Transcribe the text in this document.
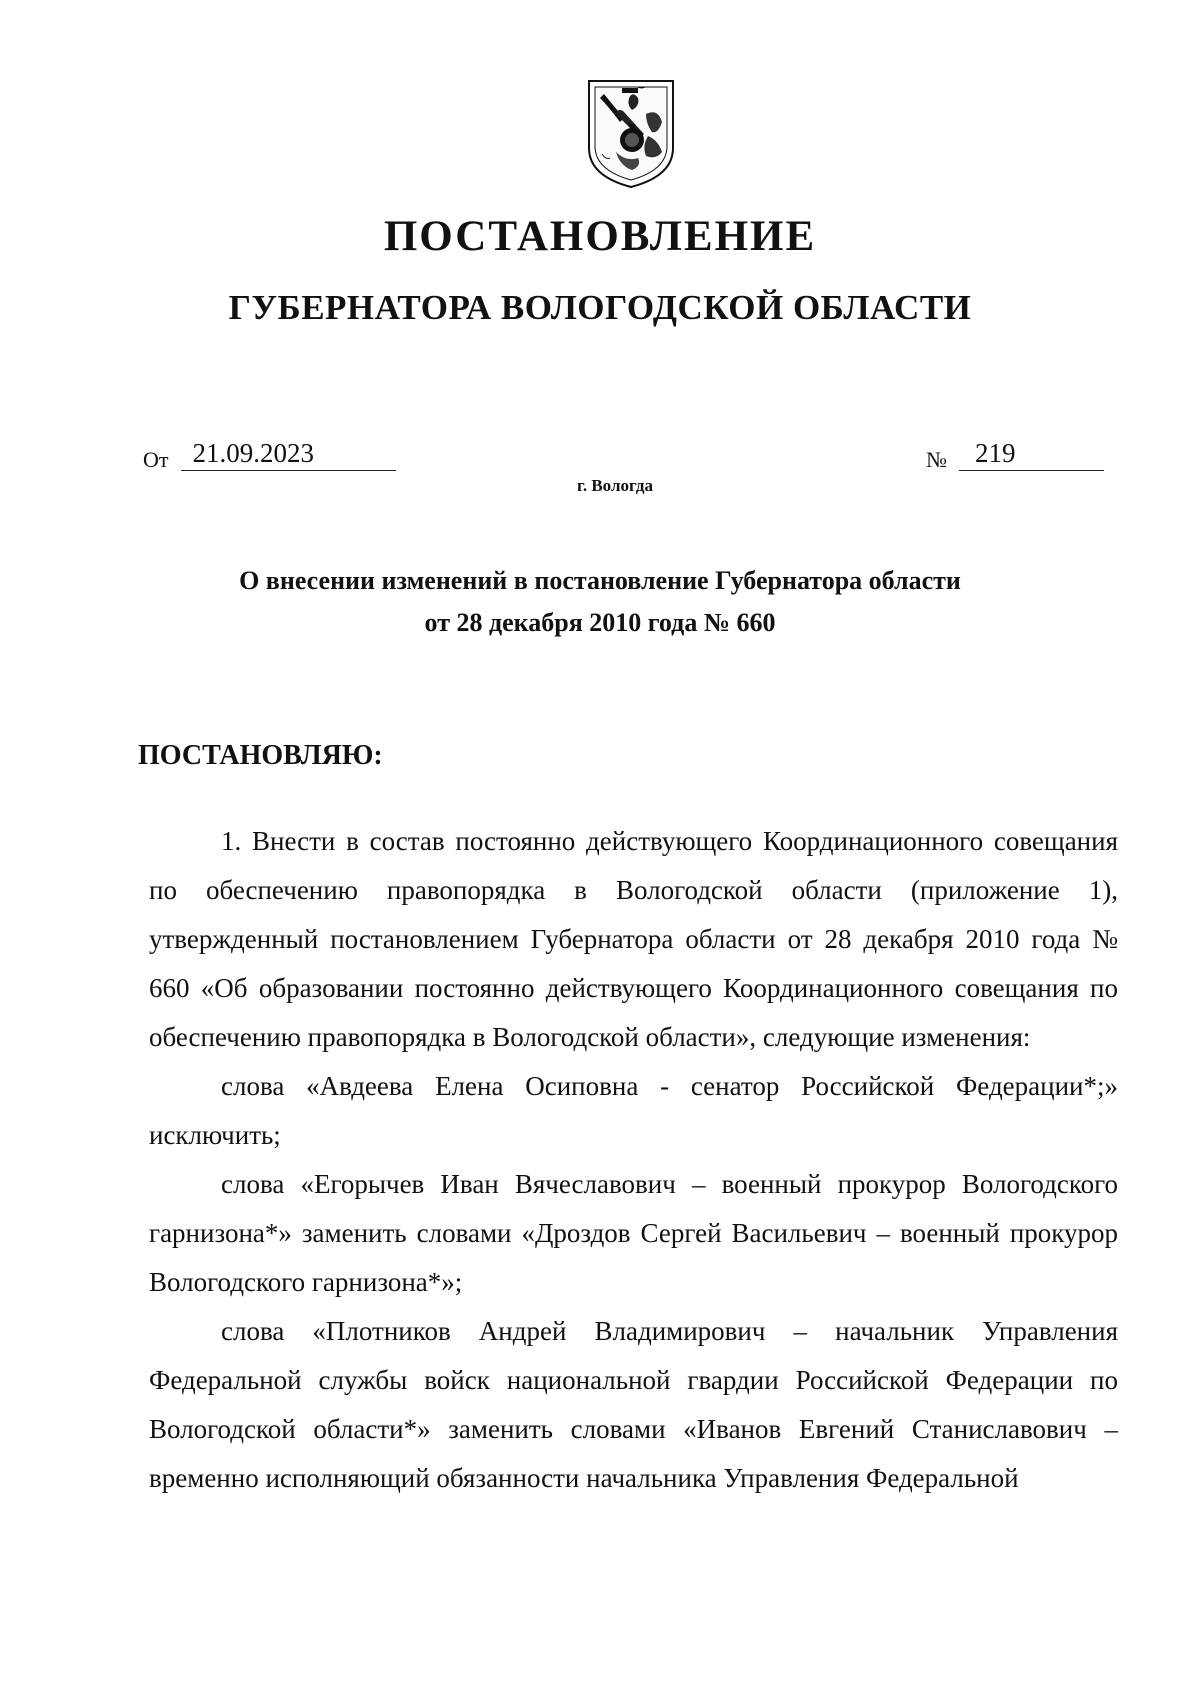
ПОСТАНОВЛЕНИЕ
ГУБЕРНАТОРА ВОЛОГОДСКОЙ ОБЛАСТИ
От 21.09.2023	№	219
г. Вологда
О внесении изменений в постановление Губернатора области
от 28 декабря 2010 года № 660
ПОСТАНОВЛЯЮ:

1. Внести в состав постоянно действующего Координационного совещания по обеспечению правопорядка в Вологодской области (приложение 1), утвержденный постановлением Губернатора области от 28 декабря 2010 года № 660 «Об образовании постоянно действующего Координационного совещания по обеспечению правопорядка в Вологодской области», следующие изменения:

слова «Авдеева Елена Осиповна - сенатор Российской Федерации*;» исключить;

слова «Егорычев Иван Вячеславович – военный прокурор Вологодского гарнизона*» заменить словами «Дроздов Сергей Васильевич – военный прокурор Вологодского гарнизона*»;

слова «Плотников Андрей Владимирович – начальник Управления Федеральной службы войск национальной гвардии Российской Федерации по Вологодской области*» заменить словами «Иванов Евгений Станиславович – временно исполняющий обязанности начальника Управления Федеральной
